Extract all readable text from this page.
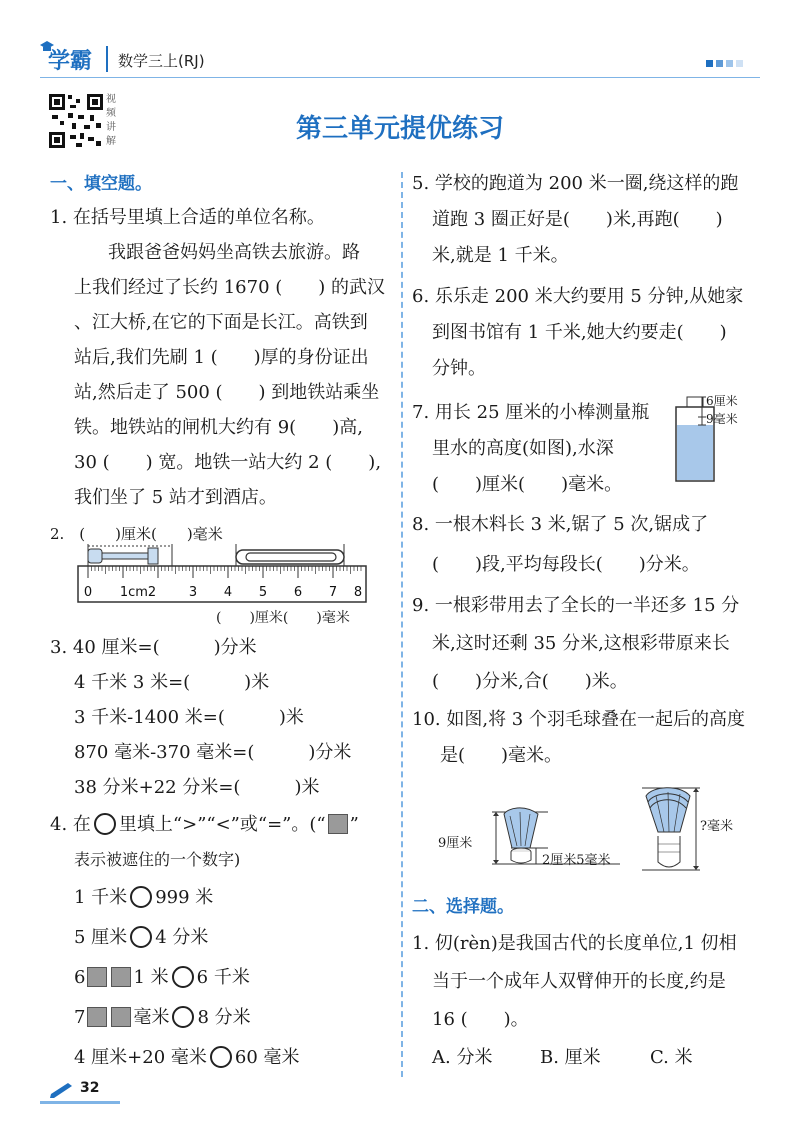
学霸 数学三上(RJ)
视频讲解	第三单元提优练习
一、填空题。
1. 在括号里填上合适的单位名称。
我跟爸爸妈妈坐高铁去旅游。路
上我们经过了长约 1670 (　　) 的武汉
、江大桥,在它的下面是长江。高铁到
站后,我们先刷 1 (　　)厚的身份证出
站,然后走了 500 (　　) 到地铁站乘坐
铁。地铁站的闸机大约有 9(　　)高,
30 (　　) 宽。地铁一站大约 2 (　　),
我们坐了 5 站才到酒店。
2.　(　　)厘米(　　)毫米
0 1cm2	3 4 5 6 7 8
(　　)厘米(　　)毫米
3. 40 厘米=(　　　)分米
4 千米 3 米=(　　　)米
3 千米-1400 米=(　　　)米
870 毫米-370 毫米=(　　　)分米
38 分米+22 分米=(　　　)米
4. 在 里填上“>”“<”或“=”。(“ ”
表示被遮住的一个数字)
1 千米 999 米
5 厘米 4 分米
6	1 米 6 千米
7	毫米 8 分米
4 厘米+20 毫米 60 毫米
5. 学校的跑道为 200 米一圈,绕这样的跑
道跑 3 圈正好是(　　)米,再跑(　　)
米,就是 1 千米。
6. 乐乐走 200 米大约要用 5 分钟,从她家
到图书馆有 1 千米,她大约要走(　　)
分钟。
7. 用长 25 厘米的小棒测量瓶
里水的高度(如图),水深
(　　)厘米(　　)毫米。
6厘米
9毫米
8. 一根木料长 3 米,锯了 5 次,锯成了
(　　)段,平均每段长(　　)分米。
9. 一根彩带用去了全长的一半还多 15 分
米,这时还剩 35 分米,这根彩带原来长
(　　)分米,合(　　)米。
10. 如图,将 3 个羽毛球叠在一起后的高度
是(　　)毫米。
9厘米
2厘米5毫米
?毫米
二、选择题。
1. 仞(rèn)是我国古代的长度单位,1 仞相
当于一个成年人双臂伸开的长度,约是
16 (　　)。
A. 分米	B. 厘米	C. 米
32
